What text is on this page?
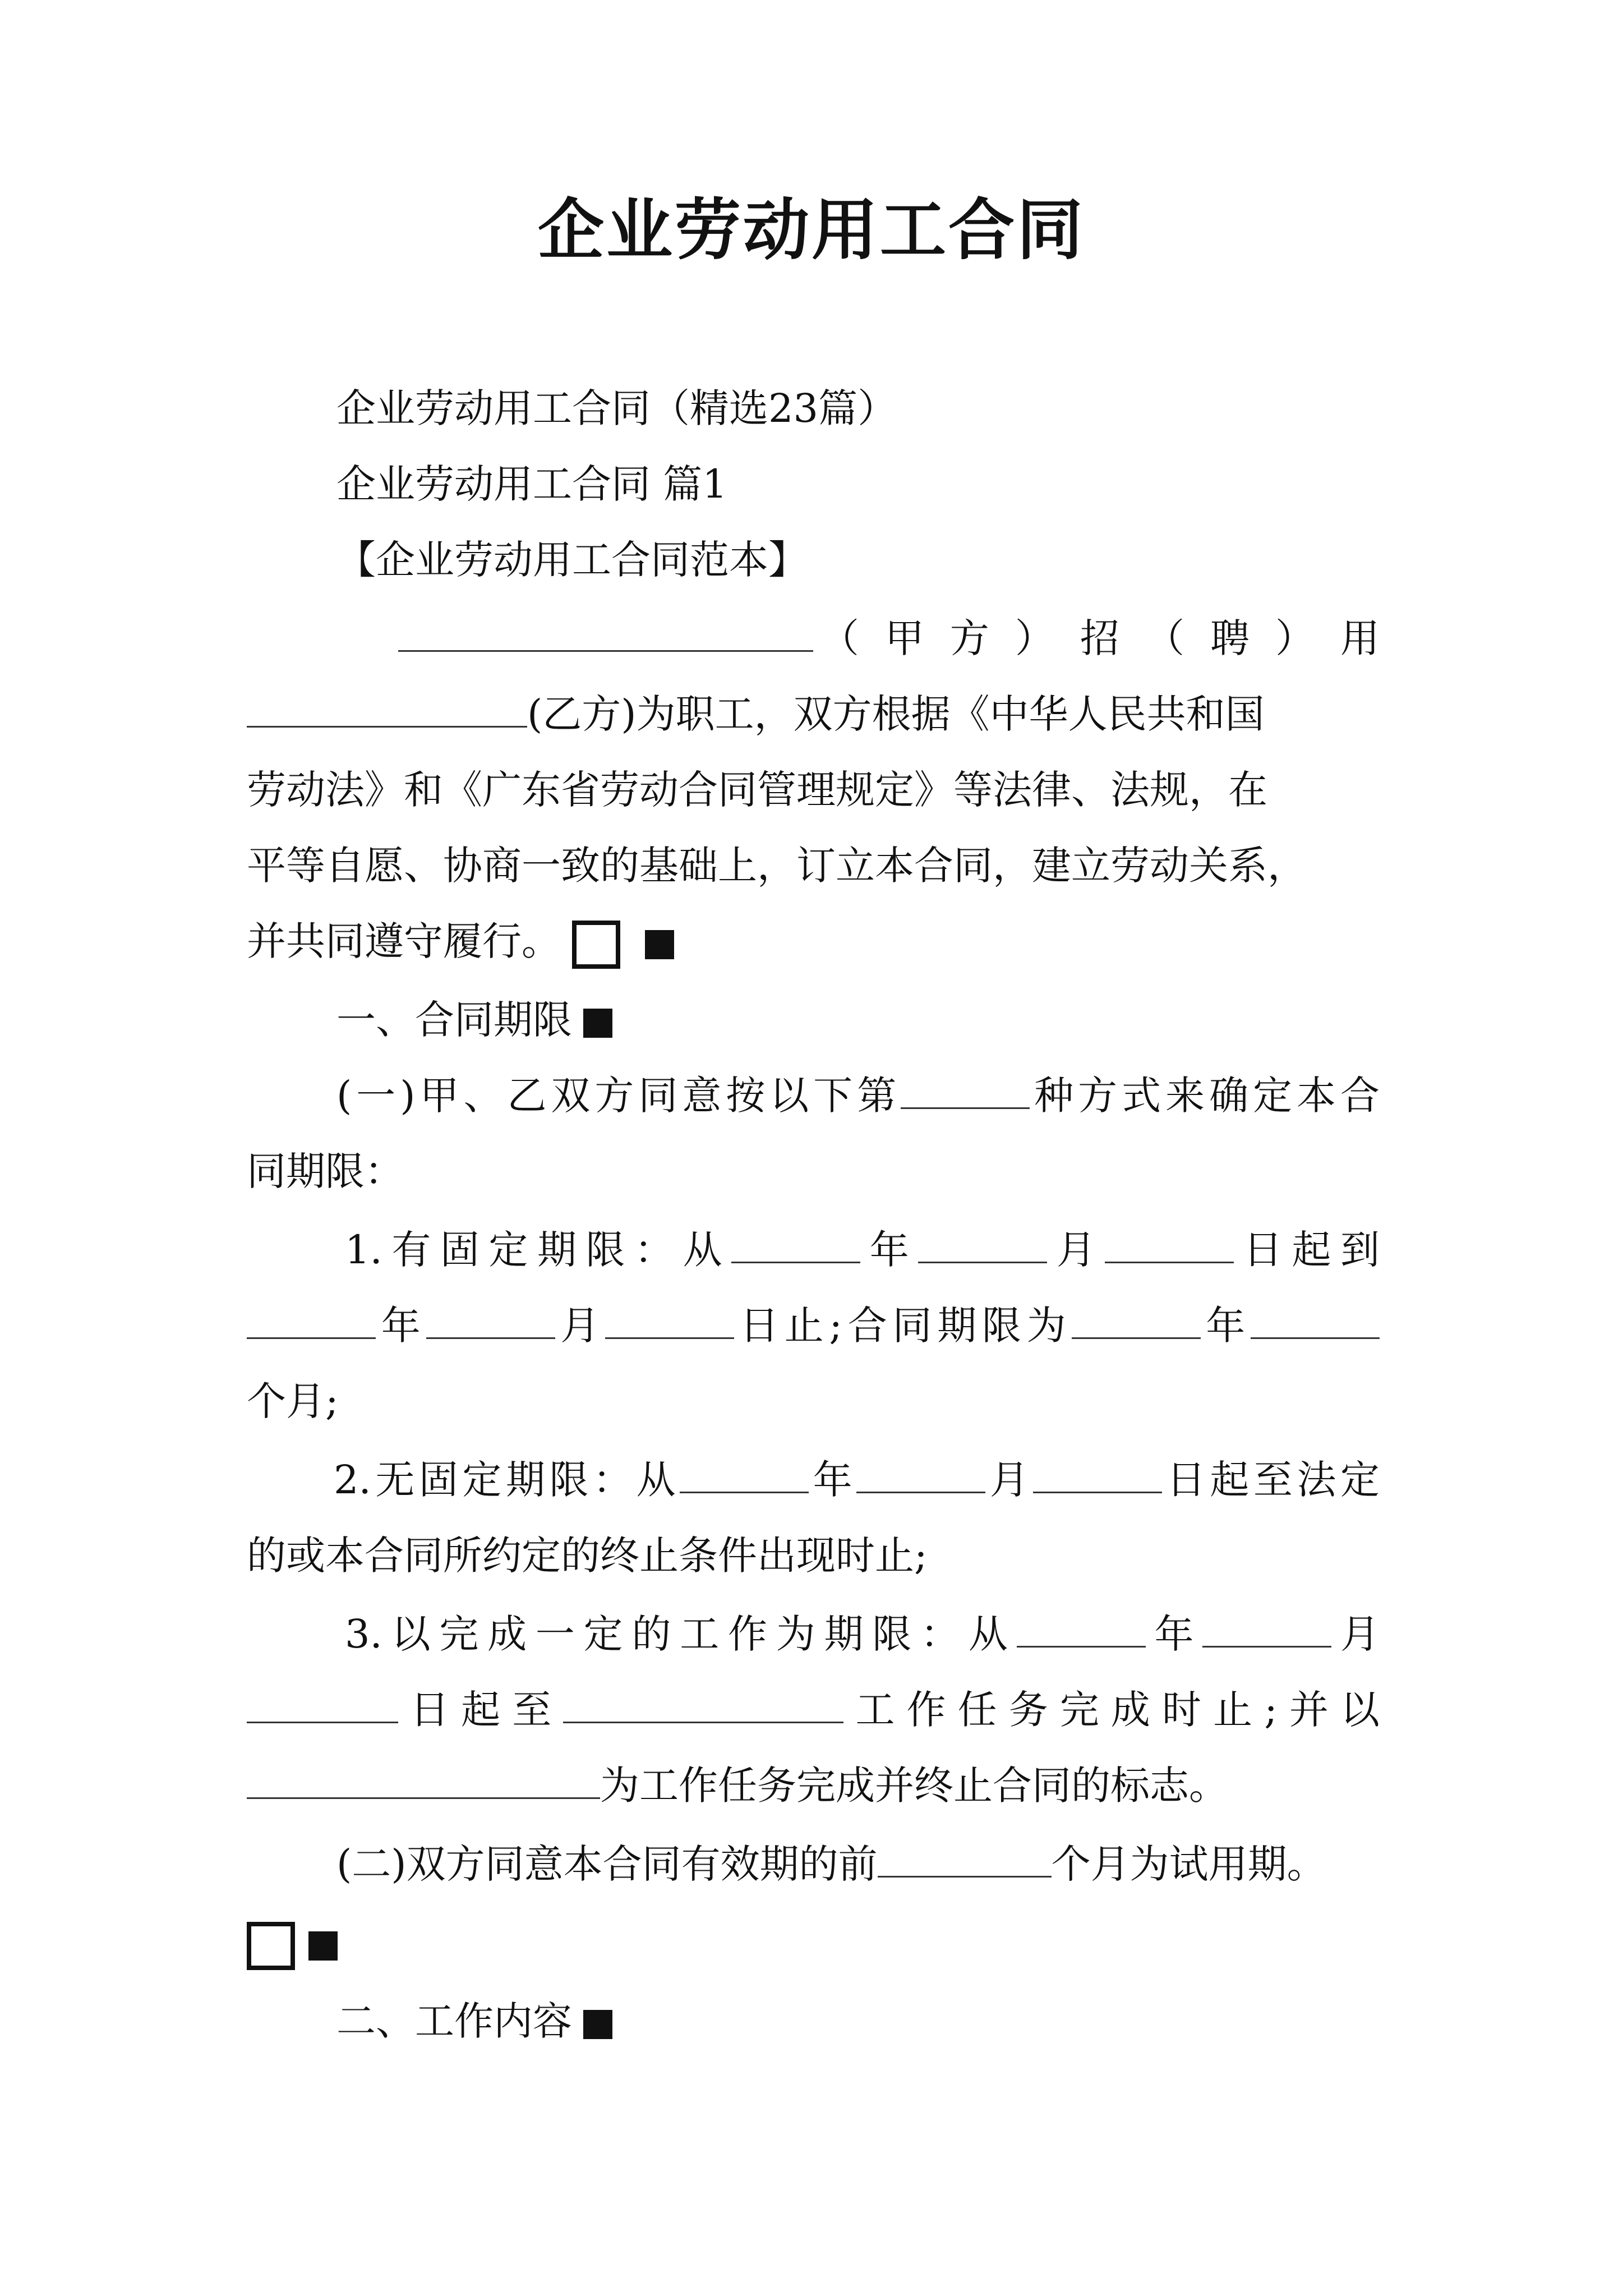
企业劳动用工合同
企业劳动用工合同（精选23篇）
企业劳动用工合同 篇1
【企业劳动用工合同范本】
（ 甲 方 ） 招 （ 聘 ） 用
(乙方)为职工，双方根据《中华人民共和国
劳动法》和《广东省劳动合同管理规定》等法律、法规，在
平等自愿、协商一致的基础上，订立本合同，建立劳动关系，
并共同遵守履行。
一、合同期限
(一)甲、乙双方同意按以下第	种方式来确定本合
同期限：
1.有固定期限：从	年	月	日起到
年	月	日止;合同期限为	年
个月;
2.无固定期限：从	年	月	日起至法定
的或本合同所约定的终止条件出现时止;
3.以完成一定的工作为期限：从	年	月
日起至	工作任务完成时止;并以
为工作任务完成并终止合同的标志。
(二)双方同意本合同有效期的前	个月为试用期。
二、工作内容
